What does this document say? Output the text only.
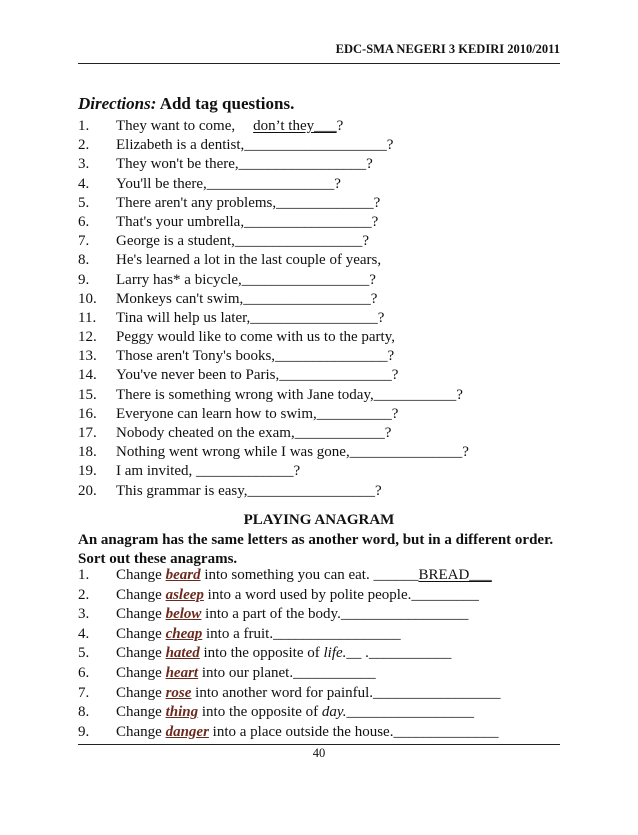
EDC-SMA NEGERI 3 KEDIRI 2010/2011
Directions: Add tag questions.
1. They want to come, don’t they___?
2. Elizabeth is a dentist,___________________?
3. They won't be there,_________________?
4. You'll be there,_________________?
5. There aren't any problems,_____________?
6. That's your umbrella,_________________?
7. George is a student,_________________?
8. He's learned a lot in the last couple of years,
9. Larry has* a bicycle,_________________?
10. Monkeys can't swim,_________________?
11. Tina will help us later,_________________?
12. Peggy would like to come with us to the party,
13. Those aren't Tony's books,_______________?
14. You've never been to Paris,_______________?
15. There is something wrong with Jane today,___________?
16. Everyone can learn how to swim,__________?
17. Nobody cheated on the exam,____________?
18. Nothing went wrong while I was gone,_______________?
19. I am invited, _____________?
20. This grammar is easy,_________________?
PLAYING ANAGRAM
An anagram has the same letters as another word, but in a different order. Sort out these anagrams.
1. Change beard into something you can eat. ______BREAD___
2. Change asleep into a word used by polite people._________
3. Change below into a part of the body._________________
4. Change cheap into a fruit._________________
5. Change hated into the opposite of life.__ .___________
6. Change heart into our planet.___________
7. Change rose into another word for painful._________________
8. Change thing into the opposite of day._________________
9. Change danger into a place outside the house.______________
40
